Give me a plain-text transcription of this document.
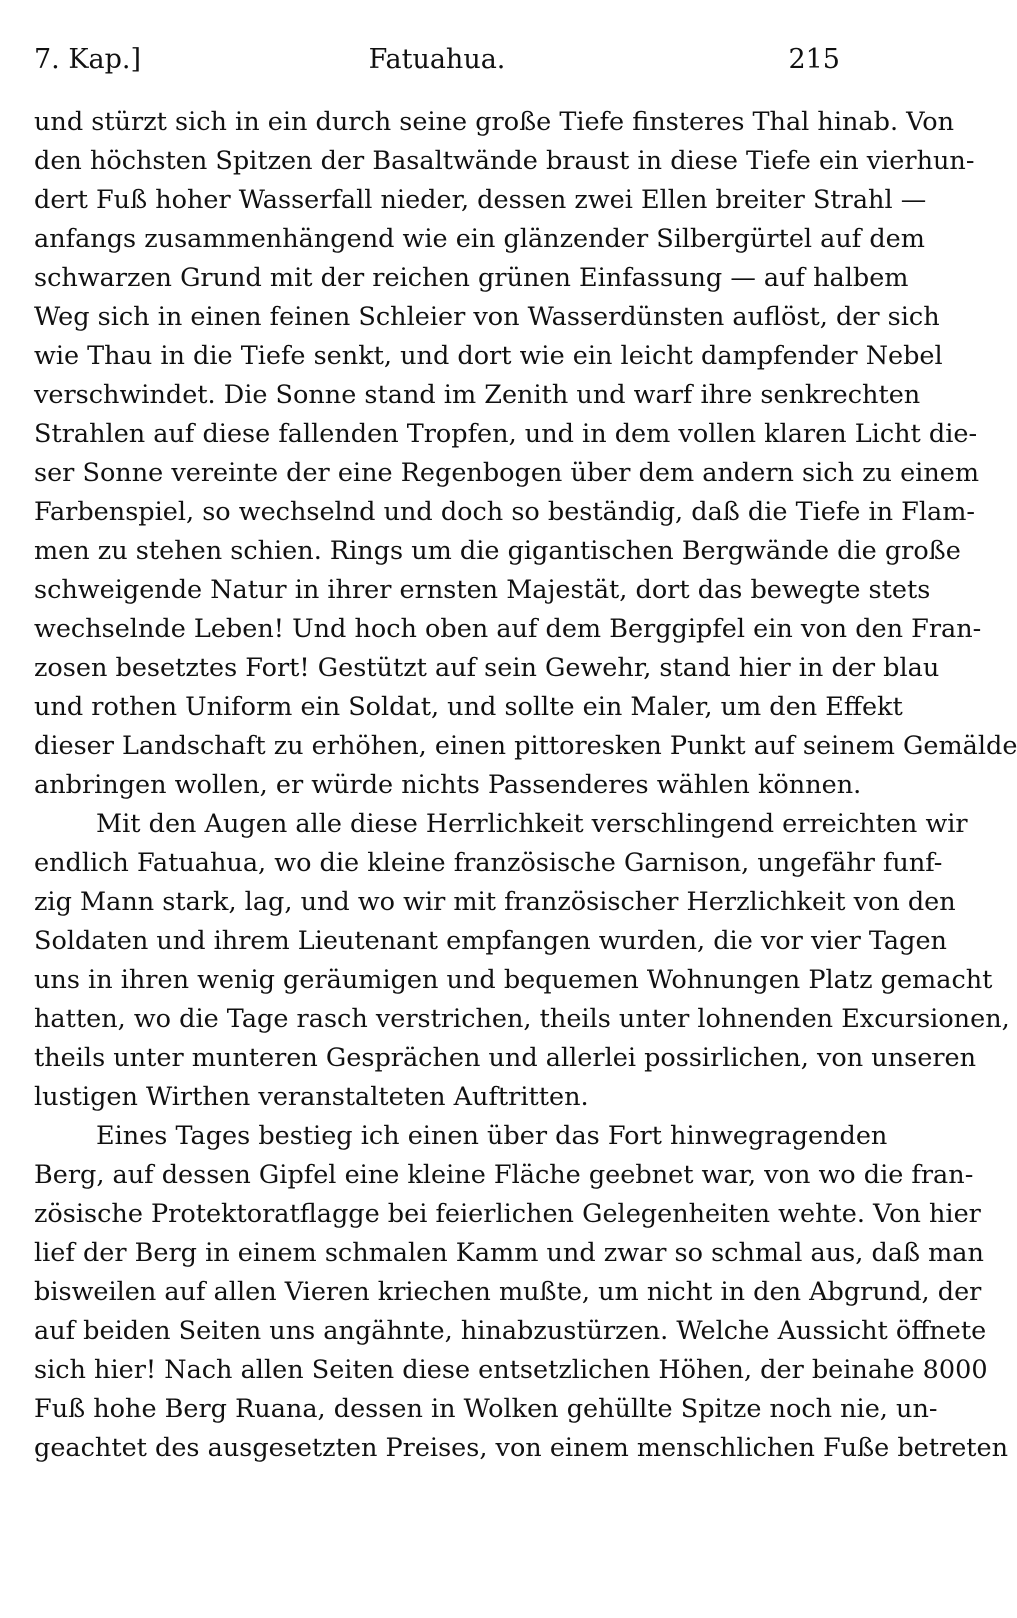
7. Kap.]	Fatuahua.	215
und stürzt sich in ein durch seine große Tiefe finsteres Thal hinab. Von
den höchsten Spitzen der Basaltwände braust in diese Tiefe ein vierhun-
dert Fuß hoher Wasserfall nieder, dessen zwei Ellen breiter Strahl —
anfangs zusammenhängend wie ein glänzender Silbergürtel auf dem
schwarzen Grund mit der reichen grünen Einfassung — auf halbem
Weg sich in einen feinen Schleier von Wasserdünsten auflöst, der sich
wie Thau in die Tiefe senkt, und dort wie ein leicht dampfender Nebel
verschwindet. Die Sonne stand im Zenith und warf ihre senkrechten
Strahlen auf diese fallenden Tropfen, und in dem vollen klaren Licht die-
ser Sonne vereinte der eine Regenbogen über dem andern sich zu einem
Farbenspiel, so wechselnd und doch so beständig, daß die Tiefe in Flam-
men zu stehen schien. Rings um die gigantischen Bergwände die große
schweigende Natur in ihrer ernsten Majestät, dort das bewegte stets
wechselnde Leben! Und hoch oben auf dem Berggipfel ein von den Fran-
zosen besetztes Fort! Gestützt auf sein Gewehr, stand hier in der blau
und rothen Uniform ein Soldat, und sollte ein Maler, um den Effekt
dieser Landschaft zu erhöhen, einen pittoresken Punkt auf seinem Gemälde
anbringen wollen, er würde nichts Passenderes wählen können.
Mit den Augen alle diese Herrlichkeit verschlingend erreichten wir
endlich Fatuahua, wo die kleine französische Garnison, ungefähr funf-
zig Mann stark, lag, und wo wir mit französischer Herzlichkeit von den
Soldaten und ihrem Lieutenant empfangen wurden, die vor vier Tagen
uns in ihren wenig geräumigen und bequemen Wohnungen Platz gemacht
hatten, wo die Tage rasch verstrichen, theils unter lohnenden Excursionen,
theils unter munteren Gesprächen und allerlei possirlichen, von unseren
lustigen Wirthen veranstalteten Auftritten.
Eines Tages bestieg ich einen über das Fort hinwegragenden
Berg, auf dessen Gipfel eine kleine Fläche geebnet war, von wo die fran-
zösische Protektoratflagge bei feierlichen Gelegenheiten wehte. Von hier
lief der Berg in einem schmalen Kamm und zwar so schmal aus, daß man
bisweilen auf allen Vieren kriechen mußte, um nicht in den Abgrund, der
auf beiden Seiten uns angähnte, hinabzustürzen. Welche Aussicht öffnete
sich hier! Nach allen Seiten diese entsetzlichen Höhen, der beinahe 8000
Fuß hohe Berg Ruana, dessen in Wolken gehüllte Spitze noch nie, un-
geachtet des ausgesetzten Preises, von einem menschlichen Fuße betreten
